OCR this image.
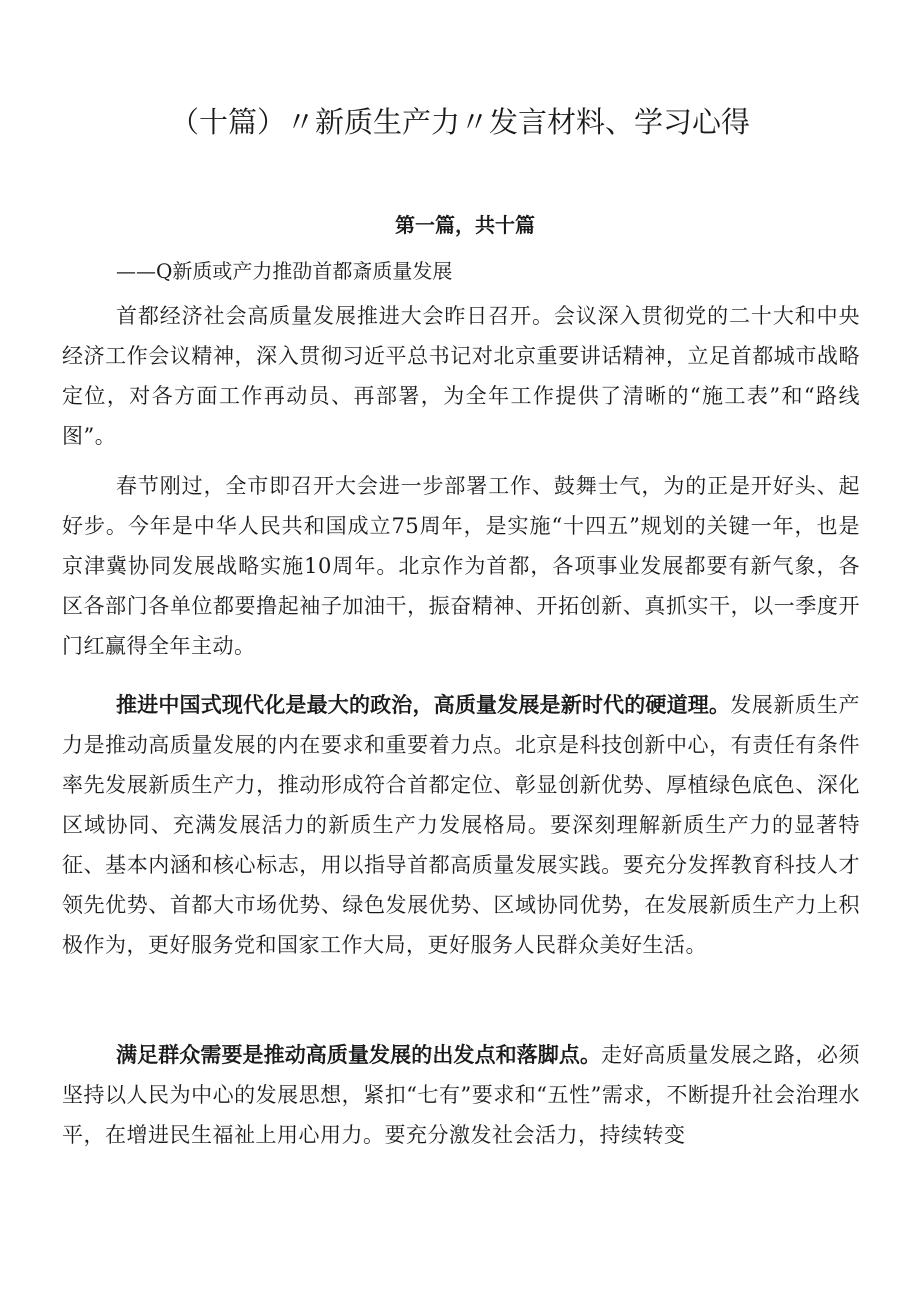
（十篇）〃新质生产力〃发言材料、学习心得
第一篇，共十篇

——Q新质或产力推劭首都斎质量发展

首都经济社会高质量发展推进大会昨日召开。会议深入贯彻党的二十大和中央经济工作会议精神，深入贯彻习近平总书记对北京重要讲话精神，立足首都城市战略定位，对各方面工作再动员、再部署，为全年工作提供了清晰的“施工表”和“路线图”。

春节刚过，全市即召开大会进一步部署工作、鼓舞士气，为的正是开好头、起好步。今年是中华人民共和国成立75周年，是实施“十四五”规划的关键一年，也是京津冀协同发展战略实施10周年。北京作为首都，各项事业发展都要有新气象，各区各部门各单位都要撸起袖子加油干，振奋精神、开拓创新、真抓实干，以一季度开门红赢得全年主动。

推进中国式现代化是最大的政治，高质量发展是新时代的硬道理。发展新质生产力是推动高质量发展的内在要求和重要着力点。北京是科技创新中心，有责任有条件率先发展新质生产力，推动形成符合首都定位、彰显创新优势、厚植绿色底色、深化区域协同、充满发展活力的新质生产力发展格局。要深刻理解新质生产力的显著特征、基本内涵和核心标志，用以指导首都高质量发展实践。要充分发挥教育科技人才领先优势、首都大市场优势、绿色发展优势、区域协同优势，在发展新质生产力上积极作为，更好服务党和国家工作大局，更好服务人民群众美好生活。

满足群众需要是推动高质量发展的出发点和落脚点。走好高质量发展之路，必须坚持以人民为中心的发展思想，紧扣“七有”要求和“五性”需求，不断提升社会治理水平，在增进民生福祉上用心用力。要充分激发社会活力，持续转变
